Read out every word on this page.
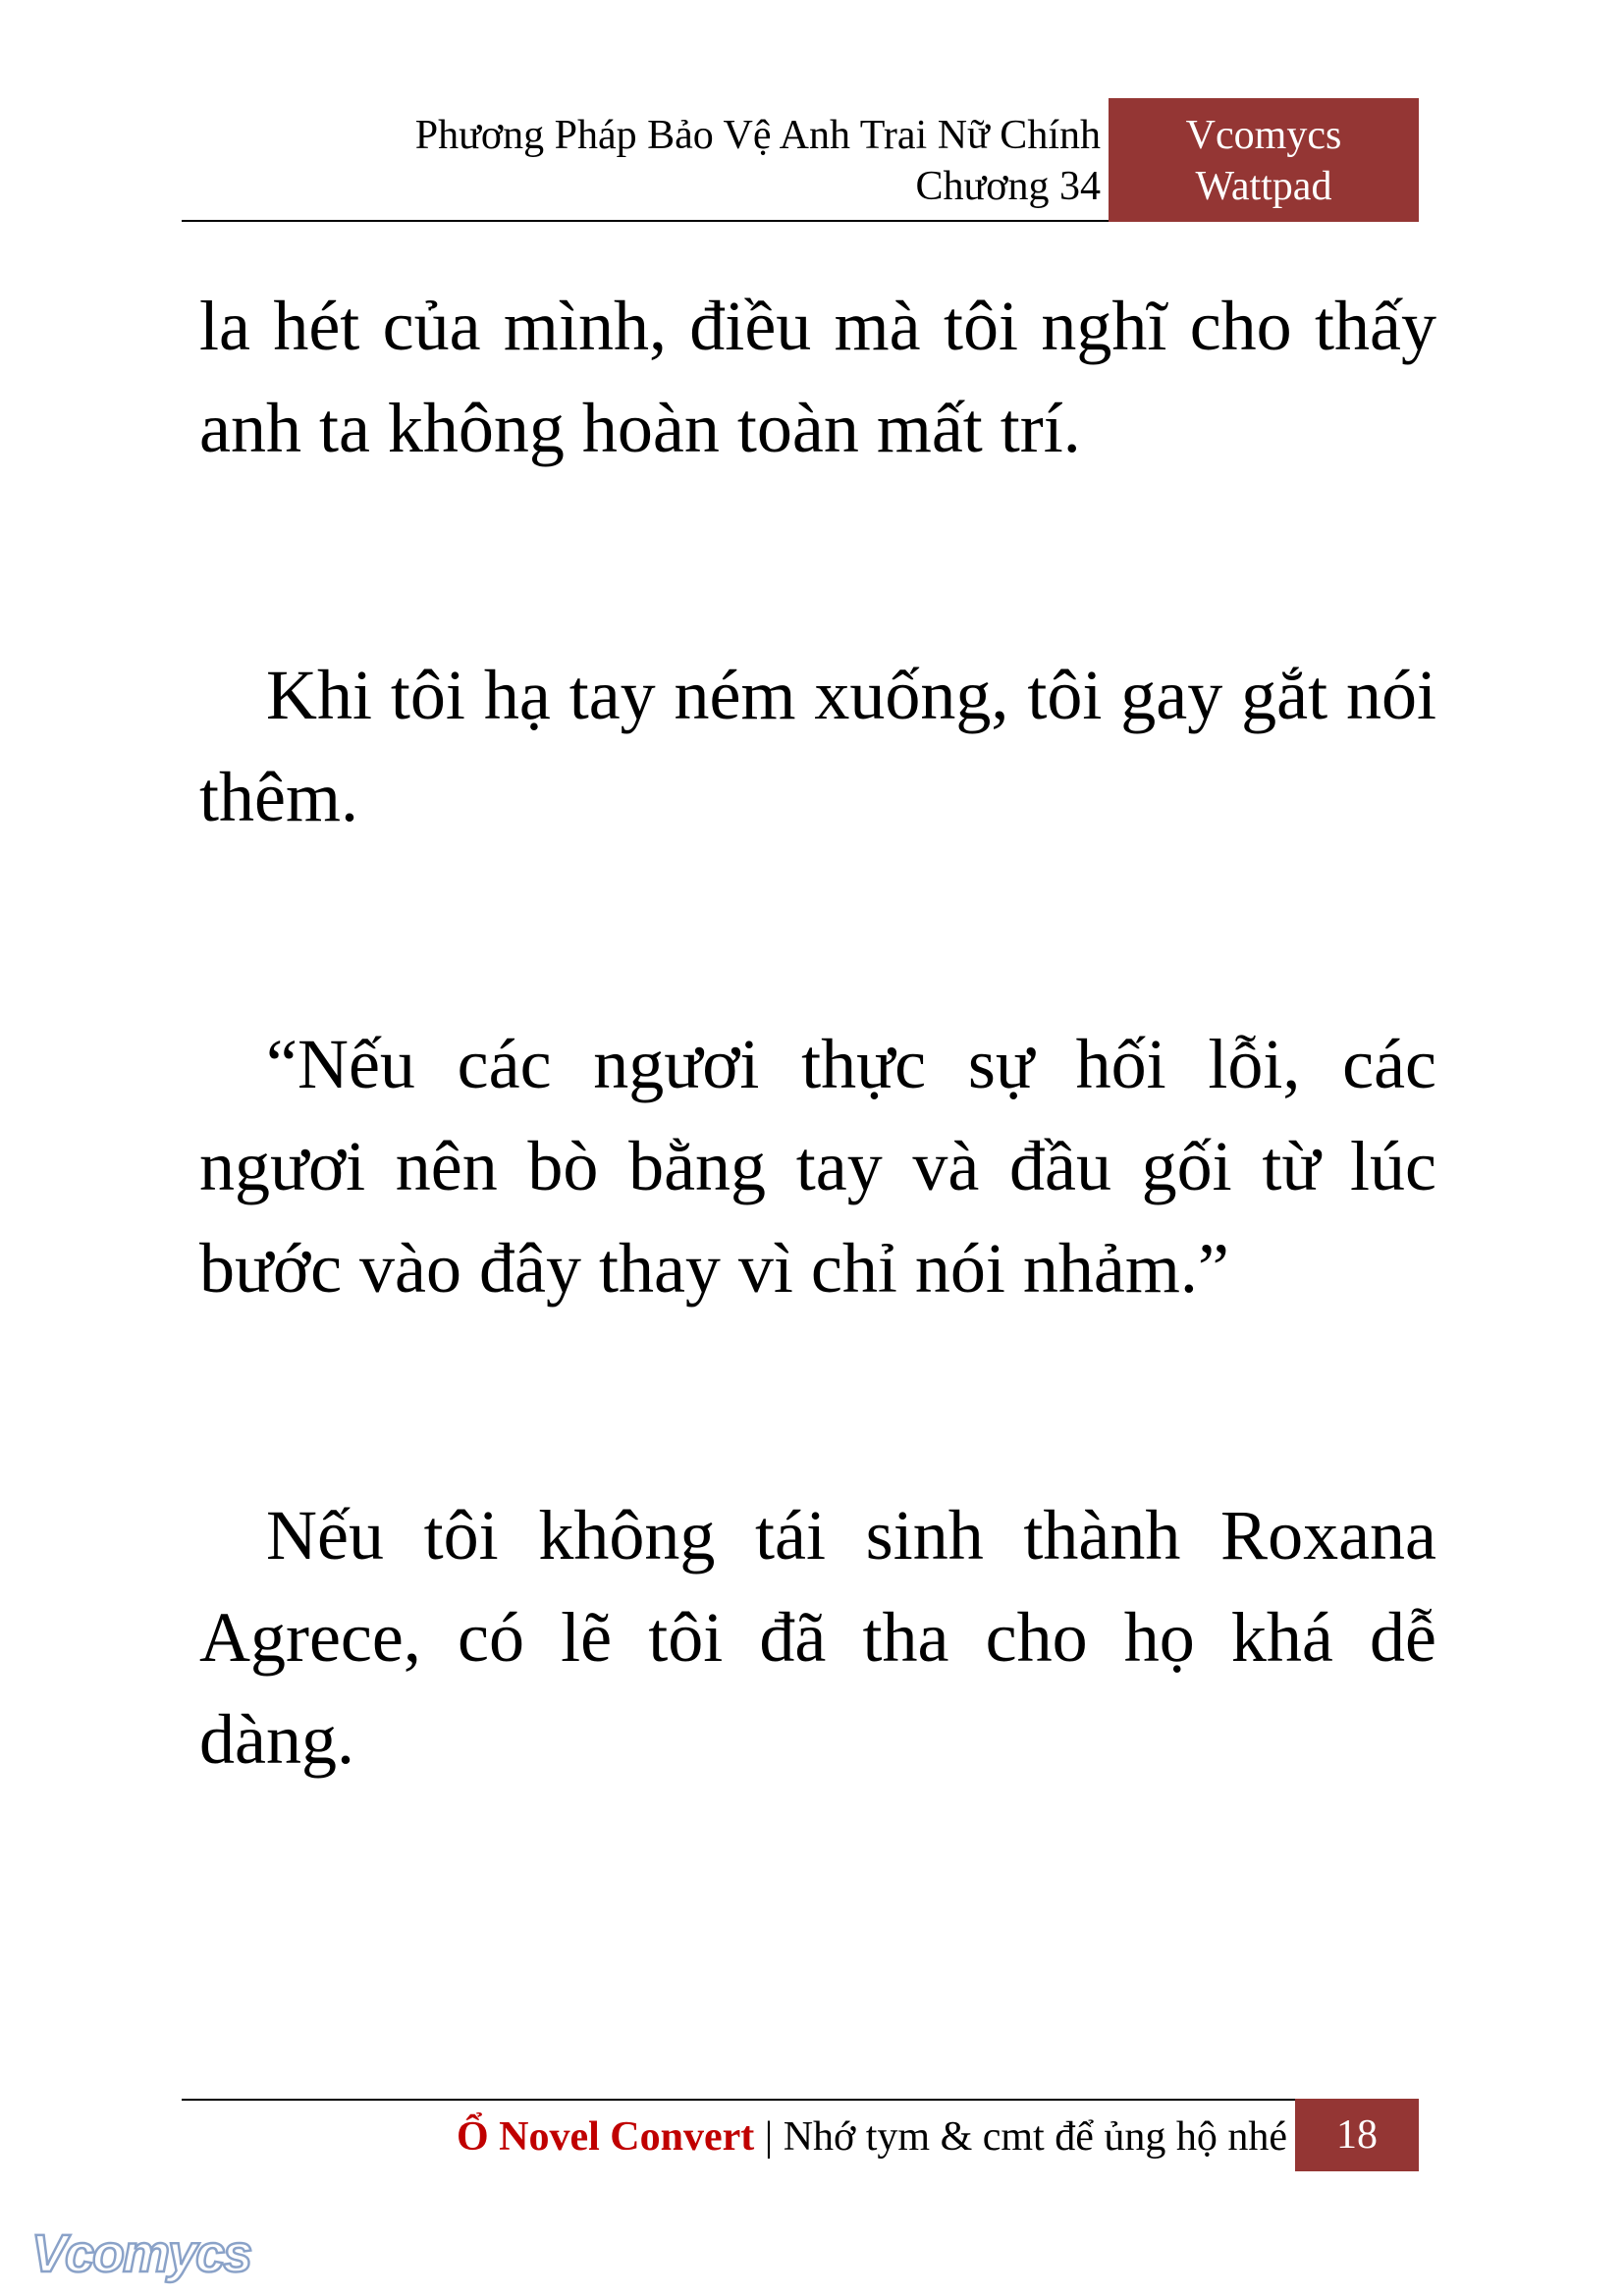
Phương Pháp Bảo Vệ Anh Trai Nữ Chính
Chương 34
Vcomycs
Wattpad

la hét của mình, điều mà tôi nghĩ cho thấy anh ta không hoàn toàn mất trí.

Khi tôi hạ tay ném xuống, tôi gay gắt nói thêm.

“Nếu các ngươi thực sự hối lỗi, các ngươi nên bò bằng tay và đầu gối từ lúc bước vào đây thay vì chỉ nói nhảm.”

Nếu tôi không tái sinh thành Roxana Agrece, có lẽ tôi đã tha cho họ khá dễ dàng.

Ổ Novel Convert | Nhớ tym & cmt để ủng hộ nhé	18
Vcomycs
